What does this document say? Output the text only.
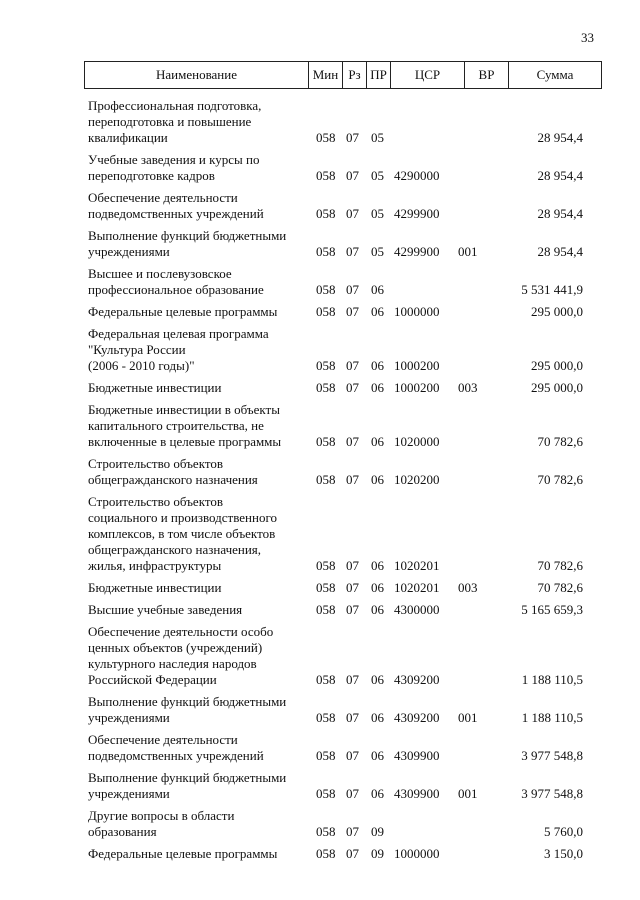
33
Наименование	Мин Рз ПР	ЦСР	ВР	Сумма
Профессиональная подготовка,
переподготовка и повышение
квалификации	058 07 05	28 954,4
Учебные заведения и курсы по
переподготовке кадров	058 07 05 4290000	28 954,4
Обеспечение деятельности
подведомственных учреждений	058 07 05 4299900	28 954,4
Выполнение функций бюджетными
учреждениями	058 07 05 4299900 001	28 954,4
Высшее и послевузовское
профессиональное образование	058 07 06	5 531 441,9
Федеральные целевые программы	058 07 06 1000000	295 000,0
Федеральная целевая программа
"Культура России
(2006 - 2010 годы)"	058 07 06 1000200	295 000,0
Бюджетные инвестиции	058 07 06 1000200 003	295 000,0
Бюджетные инвестиции в объекты
капитального строительства, не
включенные в целевые программы	058 07 06 1020000	70 782,6
Строительство объектов
общегражданского назначения	058 07 06 1020200	70 782,6
Строительство объектов
социального и производственного
комплексов, в том числе объектов
общегражданского назначения,
жилья, инфраструктуры	058 07 06 1020201	70 782,6
Бюджетные инвестиции	058 07 06 1020201 003	70 782,6
Высшие учебные заведения	058 07 06 4300000	5 165 659,3
Обеспечение деятельности особо
ценных объектов (учреждений)
культурного наследия народов
Российской Федерации	058 07 06 4309200	1 188 110,5
Выполнение функций бюджетными
учреждениями	058 07 06 4309200 001	1 188 110,5
Обеспечение деятельности
подведомственных учреждений	058 07 06 4309900	3 977 548,8
Выполнение функций бюджетными
учреждениями	058 07 06 4309900 001	3 977 548,8
Другие вопросы в области
образования	058 07 09	5 760,0
Федеральные целевые программы	058 07 09 1000000	3 150,0
